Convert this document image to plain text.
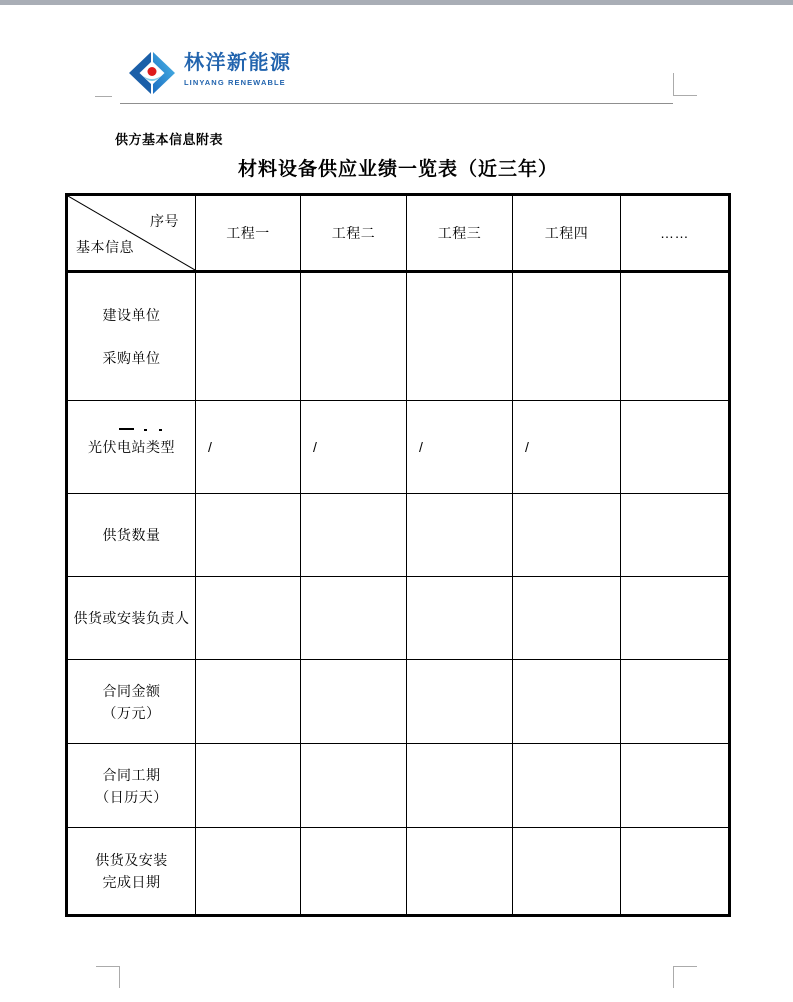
林洋新能源
LINYANG RENEWABLE
供方基本信息附表
材料设备供应业绩一览表（近三年）
序号
基本信息
工程一	工程二	工程三	工程四	……
建设单位
采购单位
光伏电站类型	/	/	/	/
供货数量
供货或安装负责人
合同金额
（万元）
合同工期
（日历天）
供货及安装
完成日期
